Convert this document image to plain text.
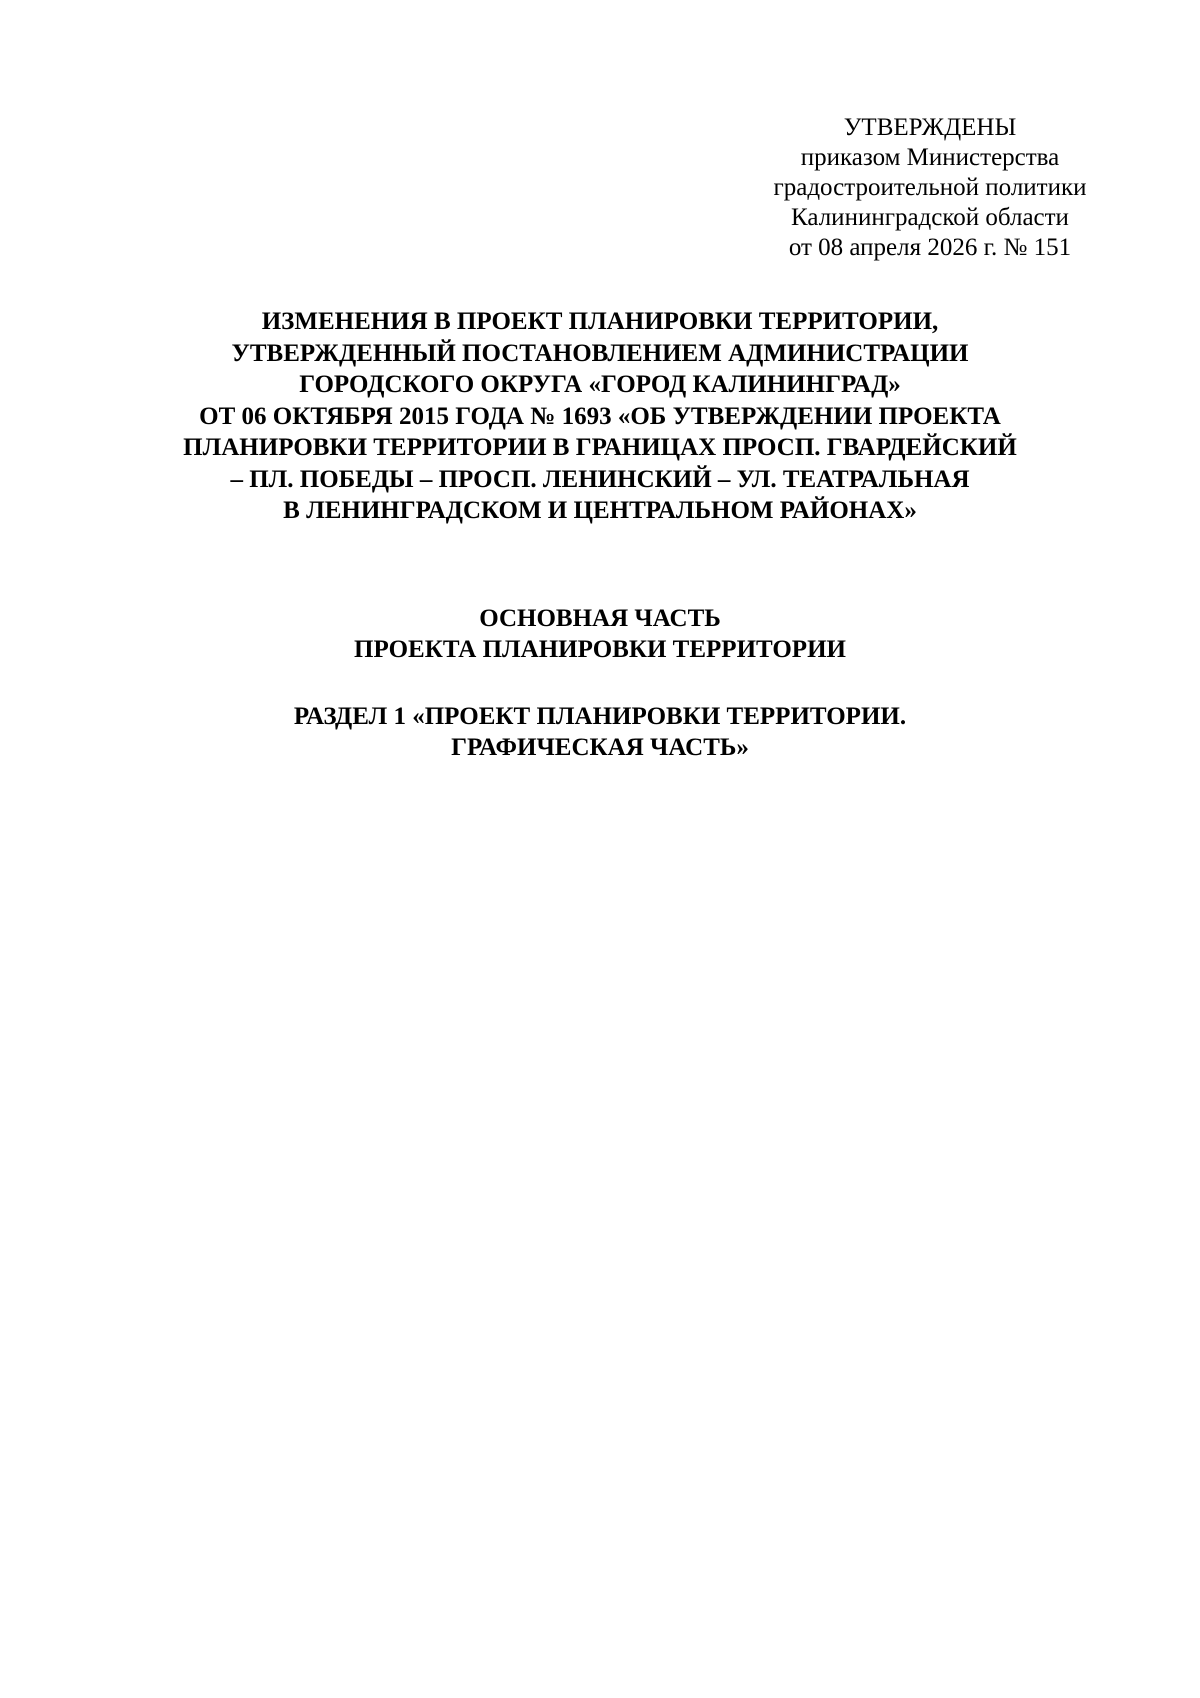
УТВЕРЖДЕНЫ
приказом Министерства
градостроительной политики
Калининградской области
от 08 апреля 2026 г. № 151
ИЗМЕНЕНИЯ В ПРОЕКТ ПЛАНИРОВКИ ТЕРРИТОРИИ,
УТВЕРЖДЕННЫЙ ПОСТАНОВЛЕНИЕМ АДМИНИСТРАЦИИ
ГОРОДСКОГО ОКРУГА «ГОРОД КАЛИНИНГРАД»
ОТ 06 ОКТЯБРЯ 2015 ГОДА № 1693 «ОБ УТВЕРЖДЕНИИ ПРОЕКТА
ПЛАНИРОВКИ ТЕРРИТОРИИ В ГРАНИЦАХ ПРОСП. ГВАРДЕЙСКИЙ
– ПЛ. ПОБЕДЫ – ПРОСП. ЛЕНИНСКИЙ – УЛ. ТЕАТРАЛЬНАЯ
В ЛЕНИНГРАДСКОМ И ЦЕНТРАЛЬНОМ РАЙОНАХ»
ОСНОВНАЯ ЧАСТЬ
ПРОЕКТА ПЛАНИРОВКИ ТЕРРИТОРИИ
РАЗДЕЛ 1 «ПРОЕКТ ПЛАНИРОВКИ ТЕРРИТОРИИ.
ГРАФИЧЕСКАЯ ЧАСТЬ»
